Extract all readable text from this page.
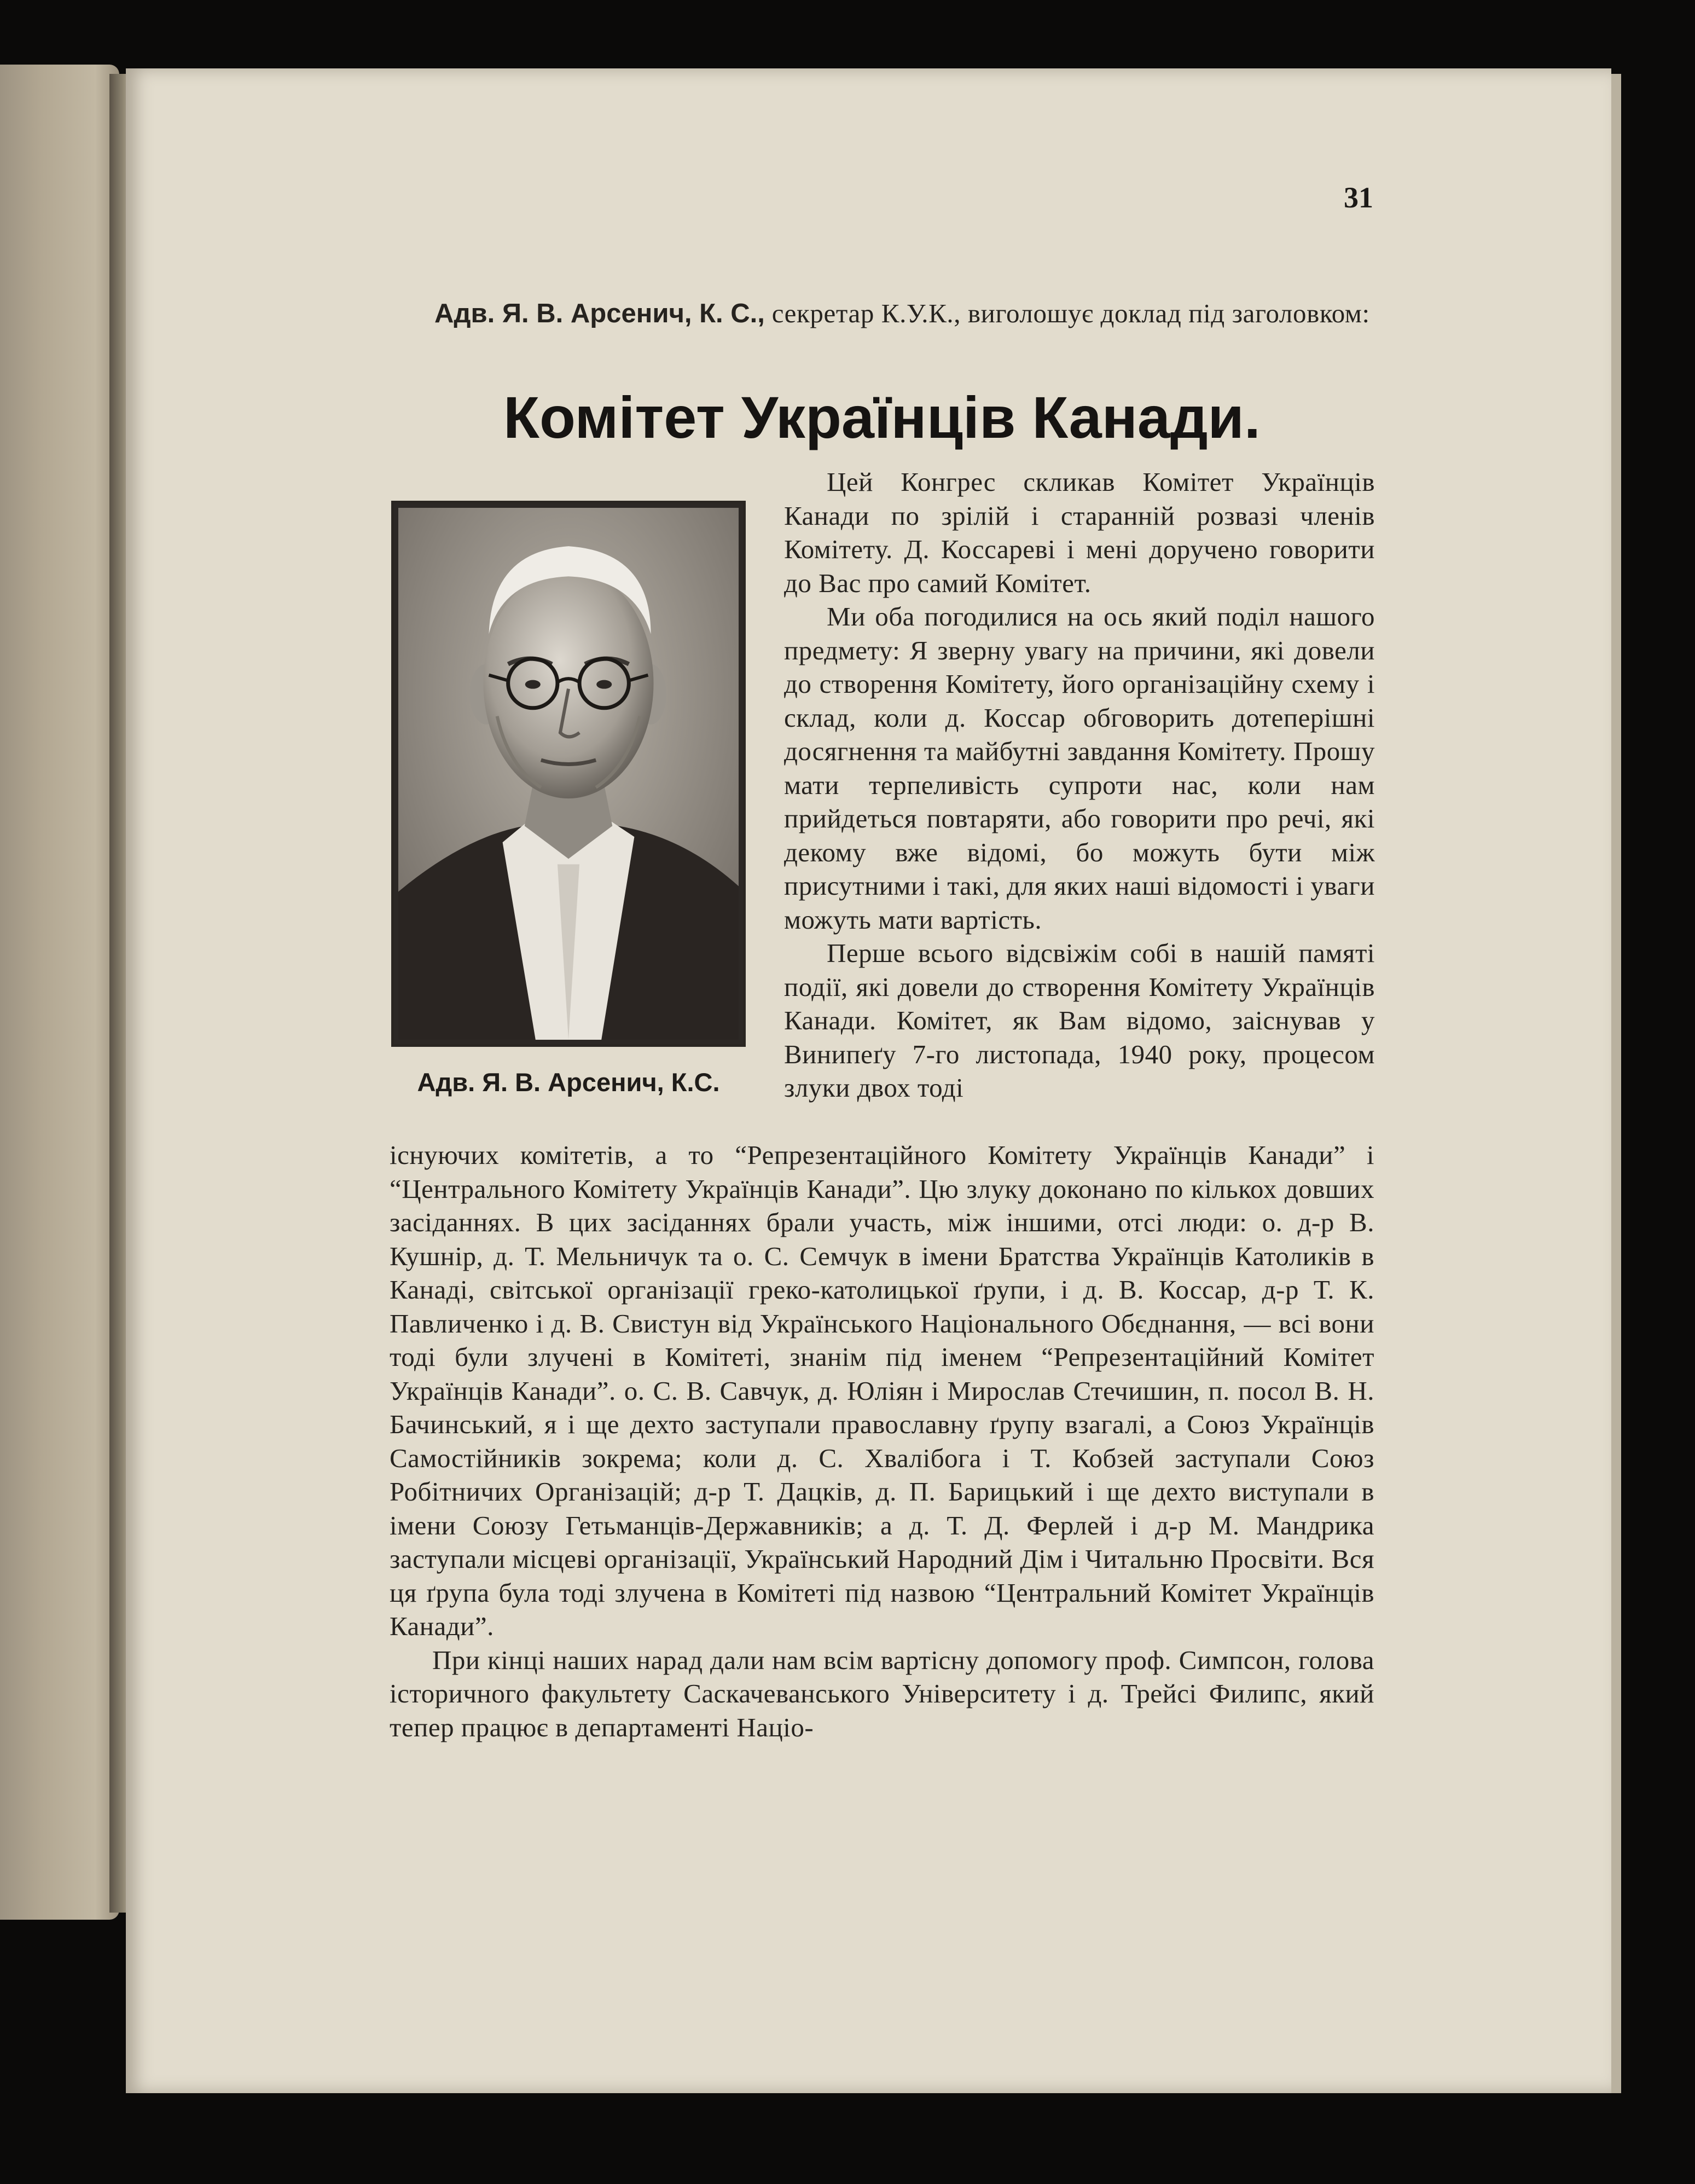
31
Адв. Я. В. Арсенич, К. С., секретар К.У.К., виголошує доклад під заголовком:
Комітет Українців Канади.
Адв. Я. В. Арсенич, К.С.

Цей Конгрес скликав Комітет Українців Канади по зрілій і старанній розвазі членів Комітету. Д. Коссареві і мені доручено говорити до Вас про самий Комітет.

Ми оба погодилися на ось який поділ нашого предмету: Я зверну увагу на причини, які довели до створення Комітету, його організаційну схему і склад, коли д. Коссар обговорить дотеперішні досягнення та майбутні завдання Комітету. Прошу мати терпеливість супроти нас, коли нам прийдеться повтаряти, або говорити про речі, які декому вже відомі, бо можуть бути між присутними і такі, для яких наші відомості і уваги можуть мати вартість.

Перше всього відсвіжім собі в нашій памяті події, які довели до створення Комітету Українців Канади. Комітет, як Вам відомо, заіснував у Винипеґу 7-го листопада, 1940 року, процесом злуки двох тоді

існуючих комітетів, а то “Репрезентаційного Комітету Українців Канади” і “Центрального Комітету Українців Канади”. Цю злуку доконано по кількох довших засіданнях. В цих засіданнях брали участь, між іншими, отсі люди: о. д-р В. Кушнір, д. Т. Мельничук та о. С. Семчук в імени Братства Українців Католиків в Канаді, світської організації греко-католицької ґрупи, і д. В. Коссар, д-р Т. К. Павличенко і д. В. Свистун від Українського Національного Обєднання, — всі вони тоді були злучені в Комітеті, знанім під іменем “Репрезентаційний Комітет Українців Канади”. о. С. В. Савчук, д. Юліян і Мирослав Стечишин, п. посол В. Н. Бачинський, я і ще дехто заступали православну ґрупу взагалі, а Союз Українців Самостійників зокрема; коли д. С. Хвалібога і Т. Кобзей заступали Союз Робітничих Організацій; д-р Т. Дацків, д. П. Барицький і ще дехто виступали в імени Союзу Гетьманців-Державників; а д. Т. Д. Ферлей і д-р М. Мандрика заступали місцеві організації, Український Народний Дім і Читальню Просвіти. Вся ця ґрупа була тоді злучена в Комітеті під назвою “Центральний Комітет Українців Канади”.

При кінці наших нарад дали нам всім вартісну допомогу проф. Симпсон, голова історичного факультету Саскачеванського Університету і д. Трейсі Филипс, який тепер працює в департаменті Націо-
